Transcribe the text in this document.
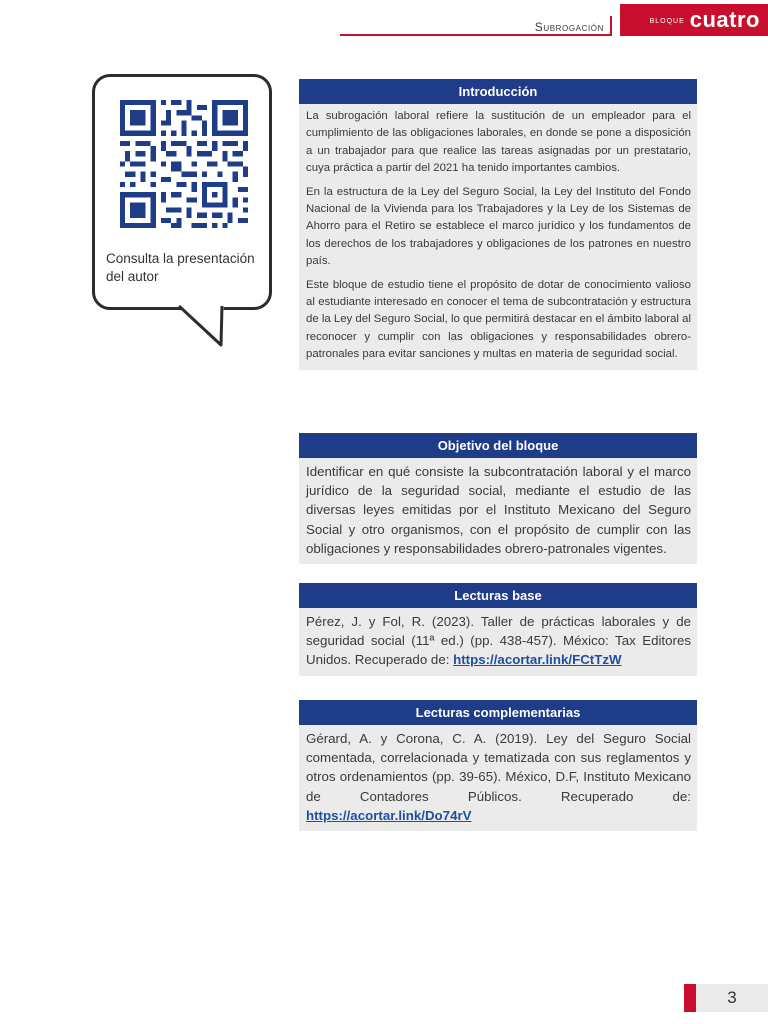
Subrogación	bloque cuatro
Consulta la presentación del autor
Introducción

La subrogación laboral refiere la sustitución de un empleador para el cumplimiento de las obligaciones laborales, en donde se pone a disposición a un trabajador para que realice las tareas asignadas por un prestatario, cuya práctica a partir del 2021 ha tenido importantes cambios.

En la estructura de la Ley del Seguro Social, la Ley del Instituto del Fondo Nacional de la Vivienda para los Trabajadores y la Ley de los Sistemas de Ahorro para el Retiro se establece el marco jurídico y los fundamentos de los derechos de los trabajadores y obligaciones de los patrones en nuestro país.

Este bloque de estudio tiene el propósito de dotar de conocimiento valioso al estudiante interesado en conocer el tema de subcontratación y estructura de la Ley del Seguro Social, lo que permitirá destacar en el ámbito laboral al reconocer y cumplir con las obligaciones y responsabilidades obrero-patronales para evitar sanciones y multas en materia de seguridad social.

Objetivo del bloque

Identificar en qué consiste la subcontratación laboral y el marco jurídico de la seguridad social, mediante el estudio de las diversas leyes emitidas por el Instituto Mexicano del Seguro Social y otro organismos, con el propósito de cumplir con las obligaciones y responsabilidades obrero-patronales vigentes.

Lecturas base

Pérez, J. y Fol, R. (2023). Taller de prácticas laborales y de seguridad social (11ª ed.) (pp. 438-457). México: Tax Editores Unidos. Recuperado de: https://acortar.link/FCtTzW

Lecturas complementarias

Gérard, A. y Corona, C. A. (2019). Ley del Seguro Social comentada, correlacionada y tematizada con sus reglamentos y otros ordenamientos (pp. 39-65). México, D.F, Instituto Mexicano de Contadores Públicos. Recuperado de: https://acortar.link/Do74rV

3
